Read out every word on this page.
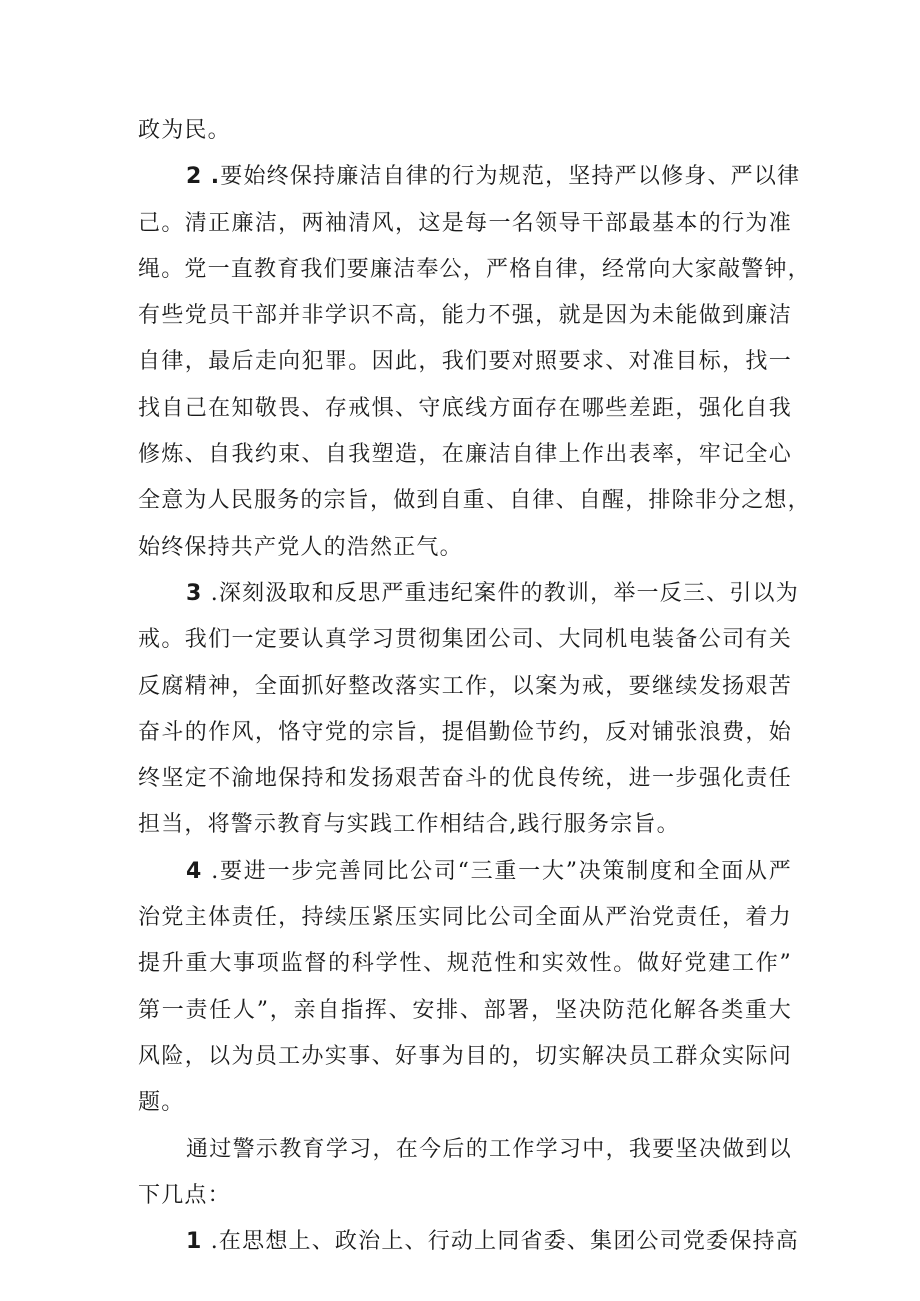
政为民。
2 .要始终保持廉洁自律的行为规范，坚持严以修身、严以律
己。清正廉洁，两袖清风，这是每一名领导干部最基本的行为准
绳。党一直教育我们要廉洁奉公，严格自律，经常向大家敲警钟，
有些党员干部并非学识不高，能力不强，就是因为未能做到廉洁
自律，最后走向犯罪。因此，我们要对照要求、对准目标，找一
找自己在知敬畏、存戒惧、守底线方面存在哪些差距，强化自我
修炼、自我约束、自我塑造，在廉洁自律上作出表率，牢记全心
全意为人民服务的宗旨，做到自重、自律、自醒，排除非分之想，
始终保持共产党人的浩然正气。
3 .深刻汲取和反思严重违纪案件的教训，举一反三、引以为
戒。我们一定要认真学习贯彻集团公司、大同机电装备公司有关
反腐精神，全面抓好整改落实工作，以案为戒，要继续发扬艰苦
奋斗的作风，恪守党的宗旨，提倡勤俭节约，反对铺张浪费，始
终坚定不渝地保持和发扬艰苦奋斗的优良传统，进一步强化责任
担当，将警示教育与实践工作相结合,践行服务宗旨。
4 .要进一步完善同比公司“三重一大”决策制度和全面从严
治党主体责任，持续压紧压实同比公司全面从严治党责任，着力
提升重大事项监督的科学性、规范性和实效性。做好党建工作”
第一责任人”，亲自指挥、安排、部署，坚决防范化解各类重大
风险，以为员工办实事、好事为目的，切实解决员工群众实际问
题。
通过警示教育学习，在今后的工作学习中，我要坚决做到以
下几点：
1 .在思想上、政治上、行动上同省委、集团公司党委保持高
